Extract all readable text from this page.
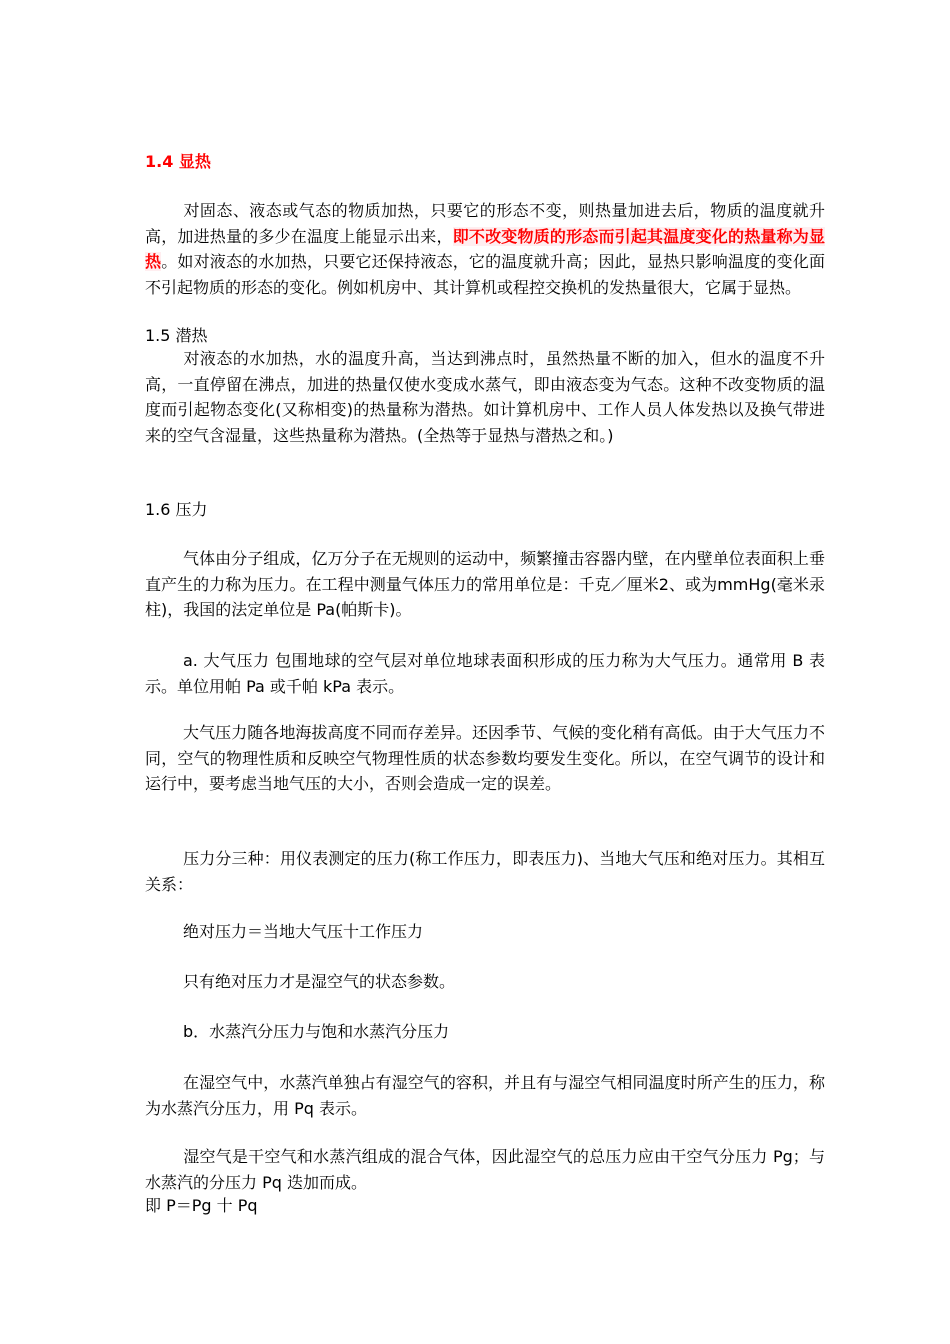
1.4 显热
对固态、液态或气态的物质加热，只要它的形态不变，则热量加进去后，物质的温度就升高，加进热量的多少在温度上能显示出来，即不改变物质的形态而引起其温度变化的热量称为显热。如对液态的水加热，只要它还保持液态，它的温度就升高；因此，显热只影响温度的变化面不引起物质的形态的变化。例如机房中、其计算机或程控交换机的发热量很大，它属于显热。
1.5 潜热
对液态的水加热，水的温度升高，当达到沸点时，虽然热量不断的加入，但水的温度不升高，一直停留在沸点，加进的热量仅使水变成水蒸气，即由液态变为气态。这种不改变物质的温度而引起物态变化(又称相变)的热量称为潜热。如计算机房中、工作人员人体发热以及换气带进来的空气含湿量，这些热量称为潜热。(全热等于显热与潜热之和。)
1.6 压力
气体由分子组成，亿万分子在无规则的运动中，频繁撞击容器内壁，在内壁单位表面积上垂直产生的力称为压力。在工程中测量气体压力的常用单位是：千克／厘米2、或为mmHg(毫米汞柱)，我国的法定单位是 Pa(帕斯卡)。
a. 大气压力 包围地球的空气层对单位地球表面积形成的压力称为大气压力。通常用 B 表示。单位用帕 Pa 或千帕 kPa 表示。
大气压力随各地海拔高度不同而存差异。还因季节、气候的变化稍有高低。由于大气压力不同，空气的物理性质和反映空气物理性质的状态参数均要发生变化。所以，在空气调节的设计和运行中，要考虑当地气压的大小，否则会造成一定的误差。
压力分三种：用仪表测定的压力(称工作压力，即表压力)、当地大气压和绝对压力。其相互关系：
绝对压力＝当地大气压十工作压力
只有绝对压力才是湿空气的状态参数。
b．水蒸汽分压力与饱和水蒸汽分压力
在湿空气中，水蒸汽单独占有湿空气的容积，并且有与湿空气相同温度时所产生的压力，称为水蒸汽分压力，用 Pq 表示。
湿空气是干空气和水蒸汽组成的混合气体，因此湿空气的总压力应由干空气分压力 Pg；与水蒸汽的分压力 Pq 迭加而成。
即 P＝Pg 十 Pq
